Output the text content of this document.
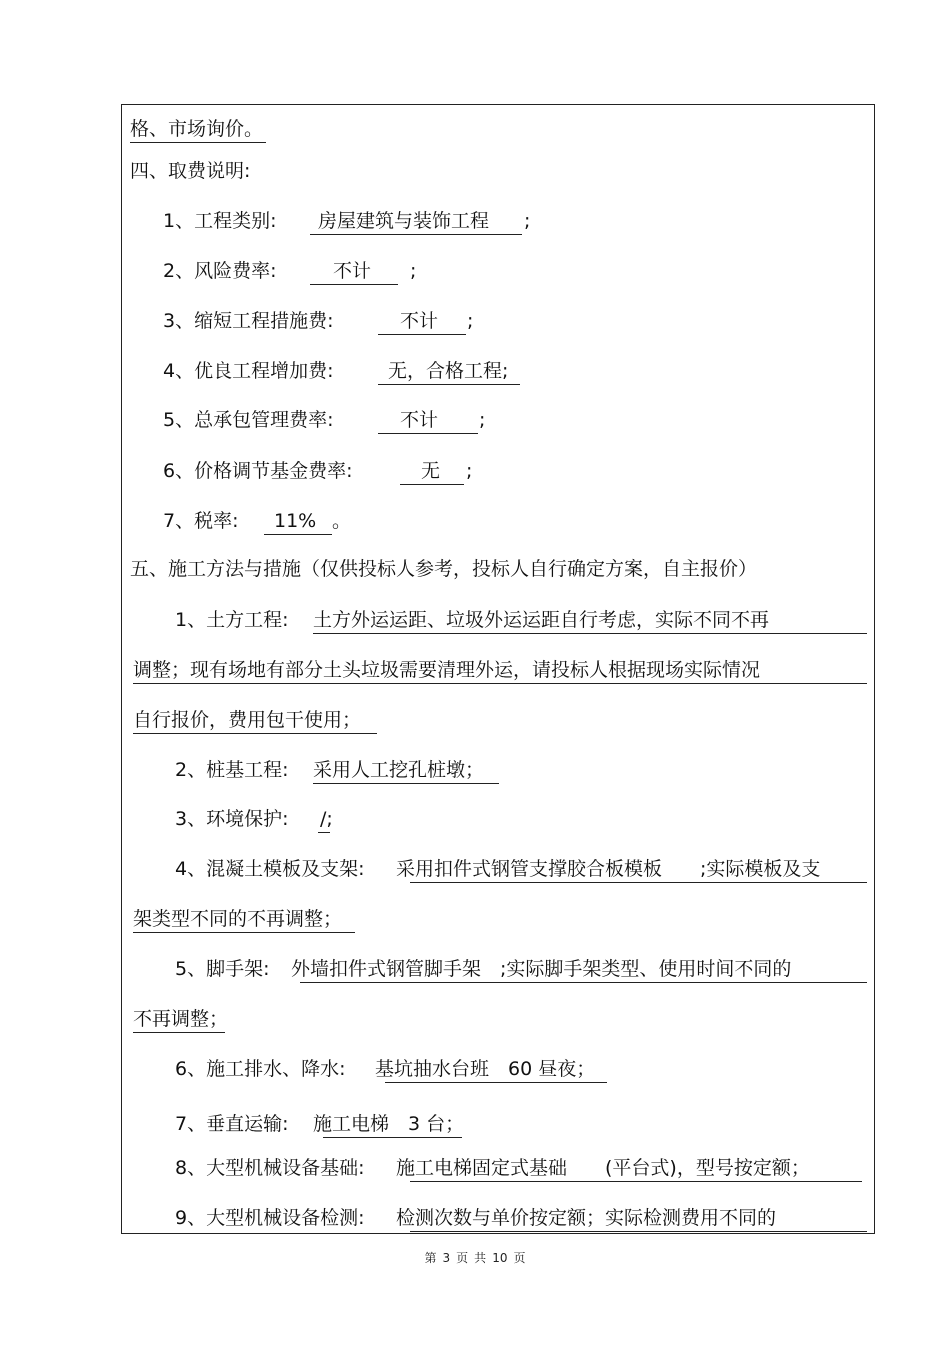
格、市场询价。
四、取费说明:
1、工程类别: 房屋建筑与装饰工程 ;
2、风险费率:	不计 ;
3、缩短工程措施费:	不计 ;
4、优良工程增加费:	无，合格工程;
5、总承包管理费率:	不计 ;
6、价格调节基金费率:	无 ;
7、税率: 11% 。
五、施工方法与措施（仅供投标人参考，投标人自行确定方案，自主报价）
1、土方工程: 土方外运运距、垃圾外运运距自行考虑，实际不同不再
调整；现有场地有部分土头垃圾需要清理外运，请投标人根据现场实际情况
自行报价，费用包干使用；
2、桩基工程: 采用人工挖孔桩墩；
3、环境保护: /;
4、混凝土模板及支架: 采用扣件式钢管支撑胶合板模板　　;实际模板及支
架类型不同的不再调整；
5、脚手架: 外墙扣件式钢管脚手架　;实际脚手架类型、使用时间不同的
不再调整；
6、施工排水、降水: 基坑抽水台班　60 昼夜；
7、垂直运输: 施工电梯　3 台；
8、大型机械设备基础: 施工电梯固定式基础　　(平台式)，型号按定额；
9、大型机械设备检测: 检测次数与单价按定额；实际检测费用不同的
第 3 页 共 10 页
